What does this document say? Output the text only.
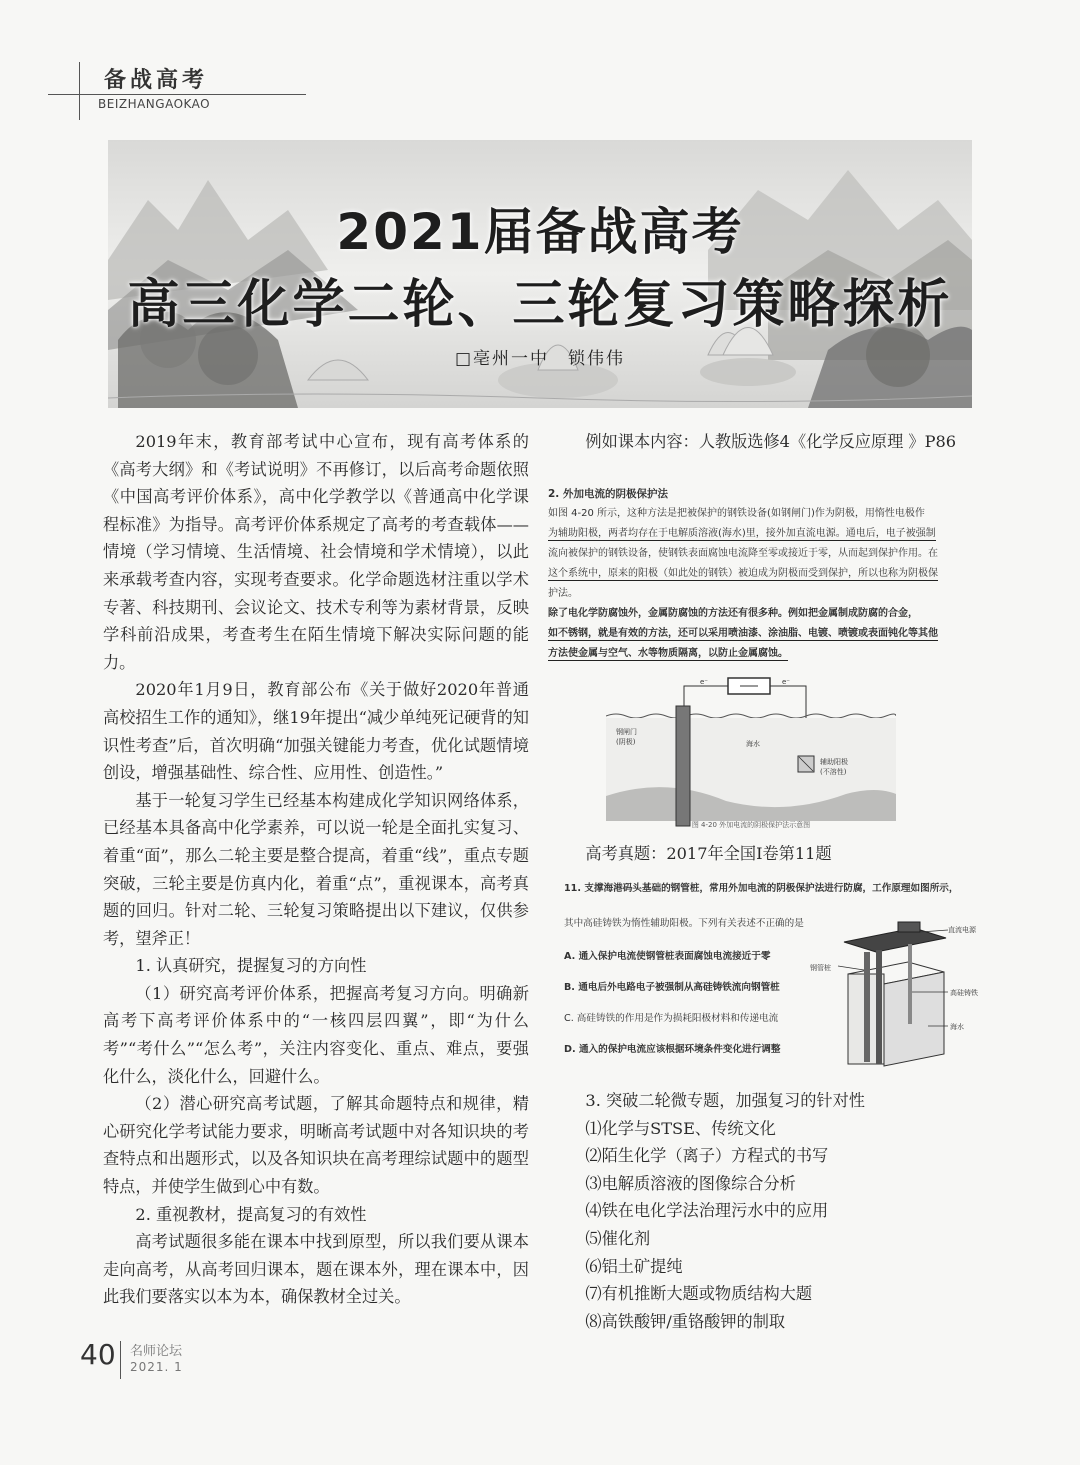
备战高考
BEIZHANGAOKAO
2021届备战高考
高三化学二轮、三轮复习策略探析
□亳州一中　锁伟伟

2019年末，教育部考试中心宣布，现有高考体系的《高考大纲》和《考试说明》不再修订，以后高考命题依照《中国高考评价体系》，高中化学教学以《普通高中化学课程标准》为指导。高考评价体系规定了高考的考查载体——情境（学习情境、生活情境、社会情境和学术情境），以此来承载考查内容，实现考查要求。化学命题选材注重以学术专著、科技期刊、会议论文、技术专利等为素材背景，反映学科前沿成果，考查考生在陌生情境下解决实际问题的能力。

2020年1月9日，教育部公布《关于做好2020年普通高校招生工作的通知》，继19年提出“减少单纯死记硬背的知识性考查”后，首次明确“加强关键能力考查，优化试题情境创设，增强基础性、综合性、应用性、创造性。”

基于一轮复习学生已经基本构建成化学知识网络体系，已经基本具备高中化学素养，可以说一轮是全面扎实复习、着重“面”，那么二轮主要是整合提高，着重“线”，重点专题突破，三轮主要是仿真内化，着重“点”，重视课本，高考真题的回归。针对二轮、三轮复习策略提出以下建议，仅供参考，望斧正！

1. 认真研究，提握复习的方向性

（1）研究高考评价体系，把握高考复习方向。明确新高考下高考评价体系中的“一核四层四翼”，即“为什么考”“考什么”“怎么考”，关注内容变化、重点、难点，要强化什么，淡化什么，回避什么。

（2）潜心研究高考试题，了解其命题特点和规律，精心研究化学考试能力要求，明晰高考试题中对各知识块的考查特点和出题形式，以及各知识块在高考理综试题中的题型特点，并使学生做到心中有数。

2. 重视教材，提高复习的有效性

高考试题很多能在课本中找到原型，所以我们要从课本走向高考，从高考回归课本，题在课本外，理在课本中，因此我们要落实以本为本，确保教材全过关。

例如课本内容：人教版选修4《化学反应原理 》P86

2. 外加电流的阴极保护法
如图 4-20 所示，这种方法是把被保护的钢铁设备(如钢闸门)作为阴极，用惰性电极作
为辅助阳极，两者均存在于电解质溶液(海水)里，接外加直流电源。通电后，电子被强制
流向被保护的钢铁设备，使钢铁表面腐蚀电流降至零或接近于零，从而起到保护作用。在
这个系统中，原来的阳极（如此处的钢铁）被迫成为阴极而受到保护，所以也称为阴极保
护法。
除了电化学防腐蚀外，金属防腐蚀的方法还有很多种。例如把金属制成防腐的合金，
如不锈钢，就是有效的方法，还可以采用喷油漆、涂油脂、电镀、喷镀或表面钝化等其他
方法使金属与空气、水等物质隔离，以防止金属腐蚀。
钢闸门
(阴极)	海水
辅助阳极
(不溶性)
e⁻	e⁻
图 4-20 外加电流的阴极保护法示意图

高考真题：2017年全国Ⅰ卷第11题

11. 支撑海港码头基础的钢管桩，常用外加电流的阴极保护法进行防腐，工作原理如图所示，
其中高硅铸铁为惰性辅助阳极。下列有关表述不正确的是
A. 通入保护电流使钢管桩表面腐蚀电流接近于零
B. 通电后外电路电子被强制从高硅铸铁流向钢管桩
C. 高硅铸铁的作用是作为损耗阳极材料和传递电流
D. 通入的保护电流应该根据环境条件变化进行调整
直流电源
钢管桩
高硅铸铁
海水

3. 突破二轮微专题，加强复习的针对性

⑴化学与STSE、传统文化

⑵陌生化学（离子）方程式的书写

⑶电解质溶液的图像综合分析

⑷铁在电化学法治理污水中的应用

⑸催化剂

⑹铝土矿提纯

⑺有机推断大题或物质结构大题

⑻高铁酸钾/重铬酸钾的制取

40 名师论坛
2021. 1
